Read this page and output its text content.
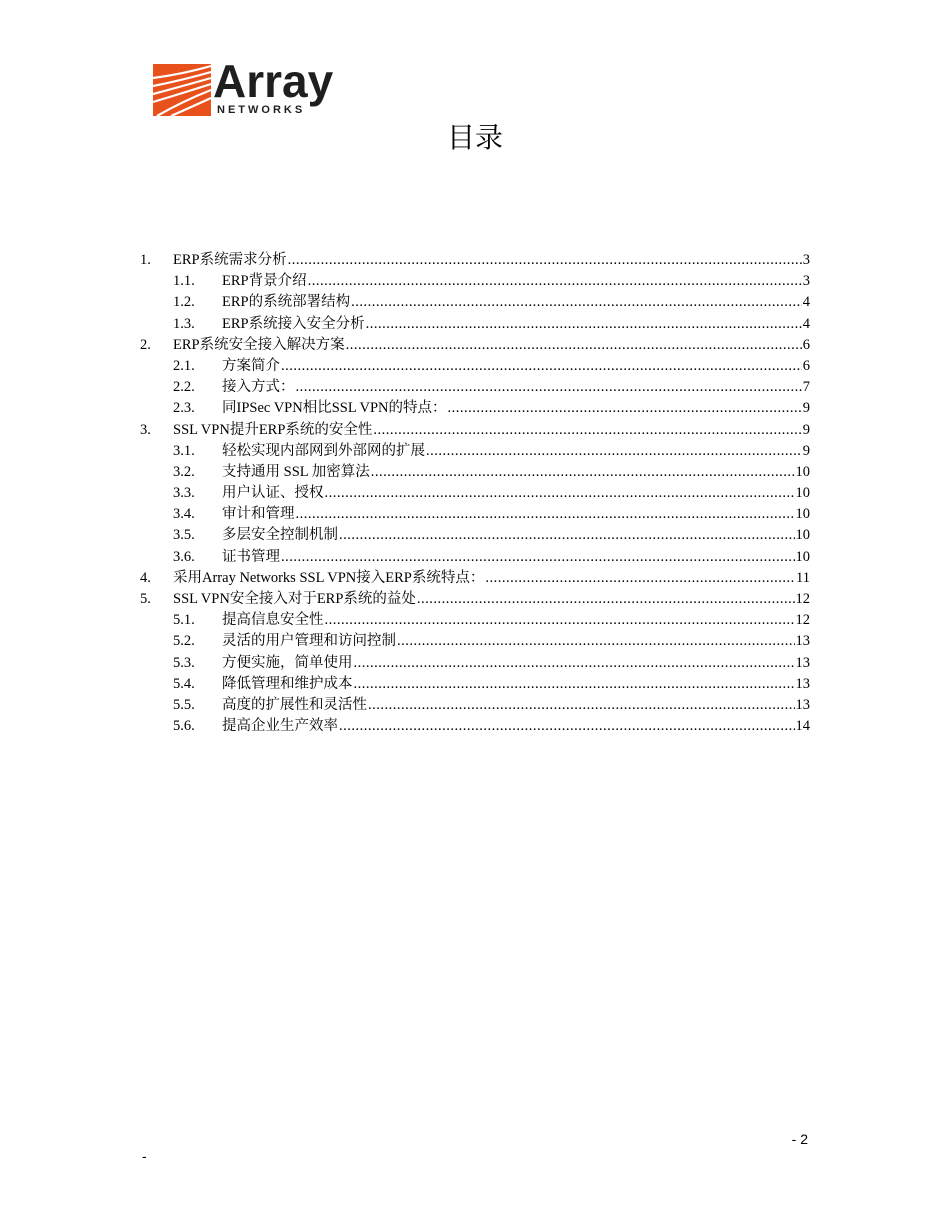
Array
NETWORKS
目录
1.	ERP系统需求分析 .....	3
1.1.	ERP背景介绍 .....	3
1.2.	ERP的系统部署结构 .....	4
1.3.	ERP系统接入安全分析 .....	4
2.	ERP系统安全接入解决方案 .....	6
2.1.	方案简介 .....	6
2.2.	接入方式： .....	7
2.3.	同IPSec VPN相比SSL VPN的特点： .....	9
3.	SSL VPN提升ERP系统的安全性 .....	9
3.1.	轻松实现内部网到外部网的扩展 .....	9
3.2.	支持通用 SSL 加密算法 .....	10
3.3.	用户认证、授权 .....	10
3.4.	审计和管理 .....	10
3.5.	多层安全控制机制 .....	10
3.6.	证书管理 .....	10
4.	采用Array Networks SSL VPN接入ERP系统特点： .....	11
5.	SSL VPN安全接入对于ERP系统的益处 .....	12
5.1.	提高信息安全性 .....	12
5.2.	灵活的用户管理和访问控制 .....	13
5.3.	方便实施，简单使用 .....	13
5.4.	降低管理和维护成本 .....	13
5.5.	高度的扩展性和灵活性 .....	13
5.6.	提高企业生产效率 .....	14
- 2
-
